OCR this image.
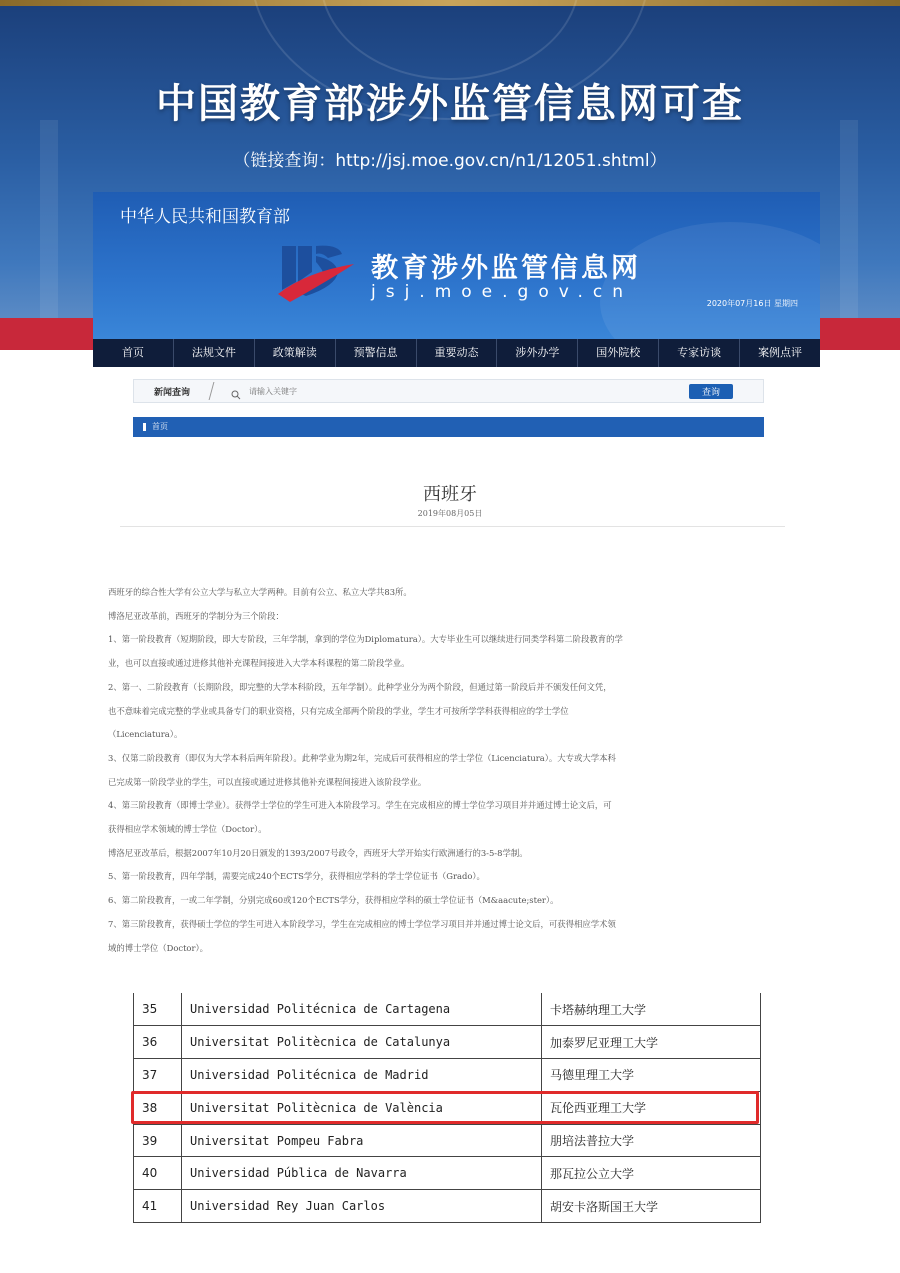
中国教育部涉外监管信息网可查
（链接查询：http://jsj.moe.gov.cn/n1/12051.shtml）
中华人民共和国教育部
教育涉外监管信息网
jsj.moe.gov.cn
2020年07月16日 星期四
首页	法规文件	政策解读	预警信息	重要动态	涉外办学	国外院校	专家访谈	案例点评
新闻查询
请输入关键字	查询
首页
西班牙
2019年08月05日

西班牙的综合性大学有公立大学与私立大学两种。目前有公立、私立大学共83所。

博洛尼亚改革前，西班牙的学制分为三个阶段：

1、第一阶段教育（短期阶段，即大专阶段，三年学制，拿到的学位为Diplomatura）。大专毕业生可以继续进行同类学科第二阶段教育的学

业，也可以直接或通过进修其他补充课程间接进入大学本科课程的第二阶段学业。

2、第一、二阶段教育（长期阶段，即完整的大学本科阶段，五年学制）。此种学业分为两个阶段，但通过第一阶段后并不颁发任何文凭，

也不意味着完成完整的学业或具备专门的职业资格，只有完成全部两个阶段的学业，学生才可按所学学科获得相应的学士学位

（Licenciatura）。

3、仅第二阶段教育（即仅为大学本科后两年阶段）。此种学业为期2年，完成后可获得相应的学士学位（Licenciatura）。大专或大学本科

已完成第一阶段学业的学生，可以直接或通过进修其他补充课程间接进入该阶段学业。

4、第三阶段教育（即博士学业）。获得学士学位的学生可进入本阶段学习。学生在完成相应的博士学位学习项目并并通过博士论文后，可

获得相应学术领域的博士学位（Doctor）。

博洛尼亚改革后，根据2007年10月20日颁发的1393/2007号政令，西班牙大学开始实行欧洲通行的3-5-8学制。

5、第一阶段教育，四年学制，需要完成240个ECTS学分，获得相应学科的学士学位证书（Grado）。

6、第二阶段教育，一或二年学制，分别完成60或120个ECTS学分，获得相应学科的硕士学位证书（M&aacute;ster）。

7、第三阶段教育，获得硕士学位的学生可进入本阶段学习，学生在完成相应的博士学位学习项目并并通过博士论文后，可获得相应学术领

域的博士学位（Doctor）。

35	Universidad Politécnica de Cartagena	卡塔赫纳理工大学
36	Universitat Politècnica de Catalunya	加泰罗尼亚理工大学
37	Universidad Politécnica de Madrid	马德里理工大学
38	Universitat Politècnica de València	瓦伦西亚理工大学
39	Universitat Pompeu Fabra	朋培法普拉大学
40	Universidad Pública de Navarra	那瓦拉公立大学
41	Universidad Rey Juan Carlos	胡安卡洛斯国王大学
